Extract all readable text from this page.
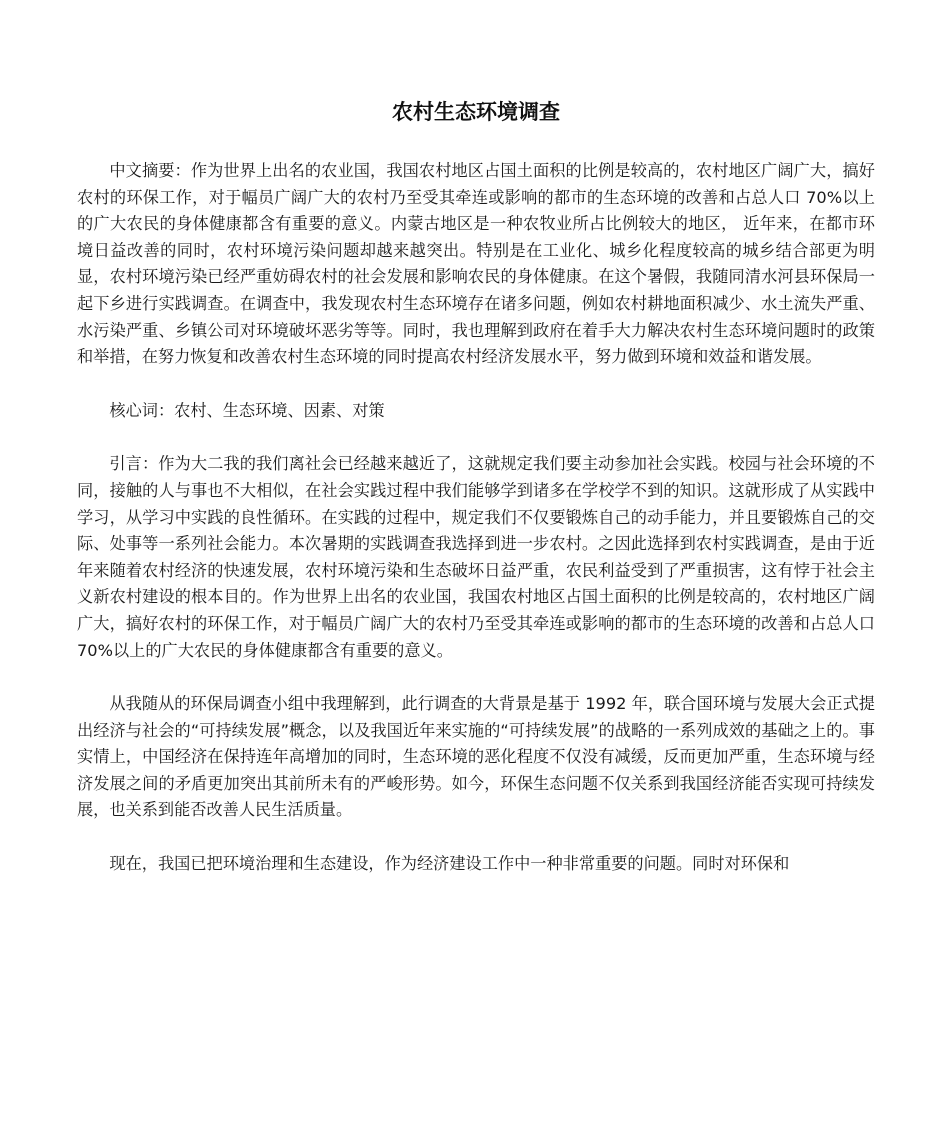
农村生态环境调查

中文摘要：作为世界上出名的农业国，我国农村地区占国土面积的比例是较高的，农村地区广阔广大，搞好农村的环保工作，对于幅员广阔广大的农村乃至受其牵连或影响的都市的生态环境的改善和占总人口 70%以上的广大农民的身体健康都含有重要的意义。内蒙古地区是一种农牧业所占比例较大的地区， 近年来，在都市环境日益改善的同时，农村环境污染问题却越来越突出。特别是在工业化、城乡化程度较高的城乡结合部更为明显，农村环境污染已经严重妨碍农村的社会发展和影响农民的身体健康。在这个暑假，我随同清水河县环保局一起下乡进行实践调查。在调查中，我发现农村生态环境存在诸多问题，例如农村耕地面积减少、水土流失严重、水污染严重、乡镇公司对环境破坏恶劣等等。同时，我也理解到政府在着手大力解决农村生态环境问题时的政策和举措，在努力恢复和改善农村生态环境的同时提高农村经济发展水平，努力做到环境和效益和谐发展。

核心词：农村、生态环境、因素、对策

引言：作为大二我的我们离社会已经越来越近了，这就规定我们要主动参加社会实践。校园与社会环境的不同，接触的人与事也不大相似，在社会实践过程中我们能够学到诸多在学校学不到的知识。这就形成了从实践中学习，从学习中实践的良性循环。在实践的过程中，规定我们不仅要锻炼自己的动手能力，并且要锻炼自己的交际、处事等一系列社会能力。本次暑期的实践调查我选择到进一步农村。之因此选择到农村实践调查，是由于近年来随着农村经济的快速发展，农村环境污染和生态破坏日益严重，农民利益受到了严重损害，这有悖于社会主义新农村建设的根本目的。作为世界上出名的农业国，我国农村地区占国土面积的比例是较高的，农村地区广阔广大，搞好农村的环保工作，对于幅员广阔广大的农村乃至受其牵连或影响的都市的生态环境的改善和占总人口 70%以上的广大农民的身体健康都含有重要的意义。

从我随从的环保局调查小组中我理解到，此行调查的大背景是基于 1992 年，联合国环境与发展大会正式提出经济与社会的“可持续发展”概念，以及我国近年来实施的“可持续发展”的战略的一系列成效的基础之上的。事实情上，中国经济在保持连年高增加的同时，生态环境的恶化程度不仅没有减缓，反而更加严重，生态环境与经济发展之间的矛盾更加突出其前所未有的严峻形势。如今，环保生态问题不仅关系到我国经济能否实现可持续发展，也关系到能否改善人民生活质量。

现在，我国已把环境治理和生态建设，作为经济建设工作中一种非常重要的问题。同时对环保和
